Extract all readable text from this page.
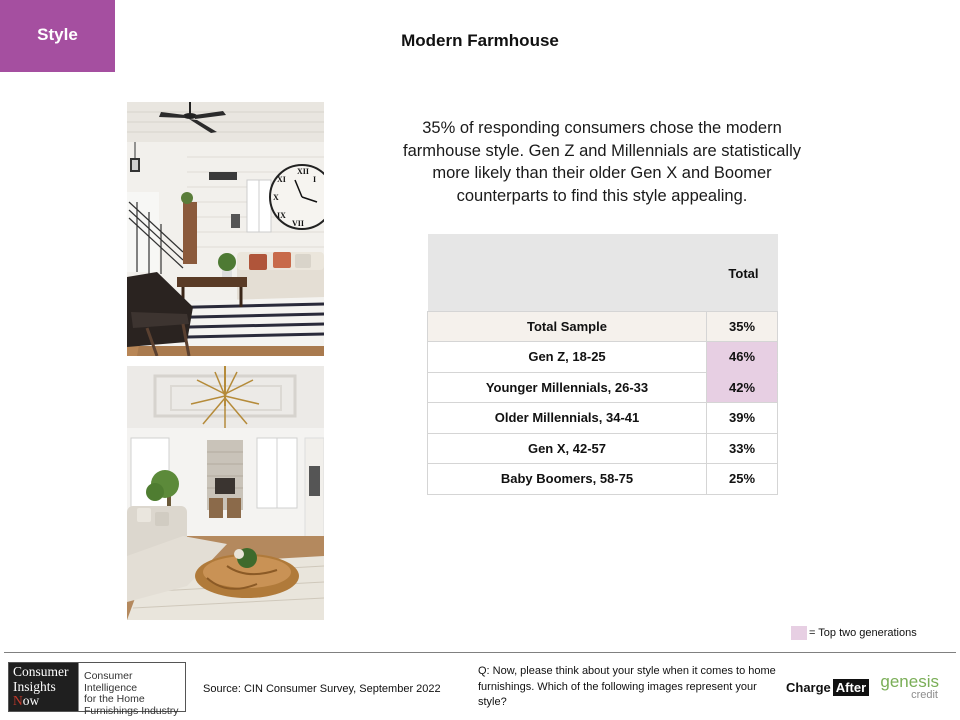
Style	Modern Farmhouse
XII
XI
X
IX
VII
I
35% of responding consumers chose the modern farmhouse style. Gen Z and Millennials are statistically more likely than their older Gen X and Boomer counterparts to find this style appealing.
	Total
Total Sample	35%
Gen Z, 18-25	46%
Younger Millennials, 26-33	42%
Older Millennials, 34-41	39%
Gen X, 42-57	33%
Baby Boomers, 58-75	25%
= Top two generations
Consumer
Insights
Now
Consumer Intelligence
for the Home
Furnishings Industry
Source: CIN Consumer Survey, September 2022
Q: Now, please think about your style when it comes to home furnishings. Which of the following images represent your style?
Charge After genesis
credit
